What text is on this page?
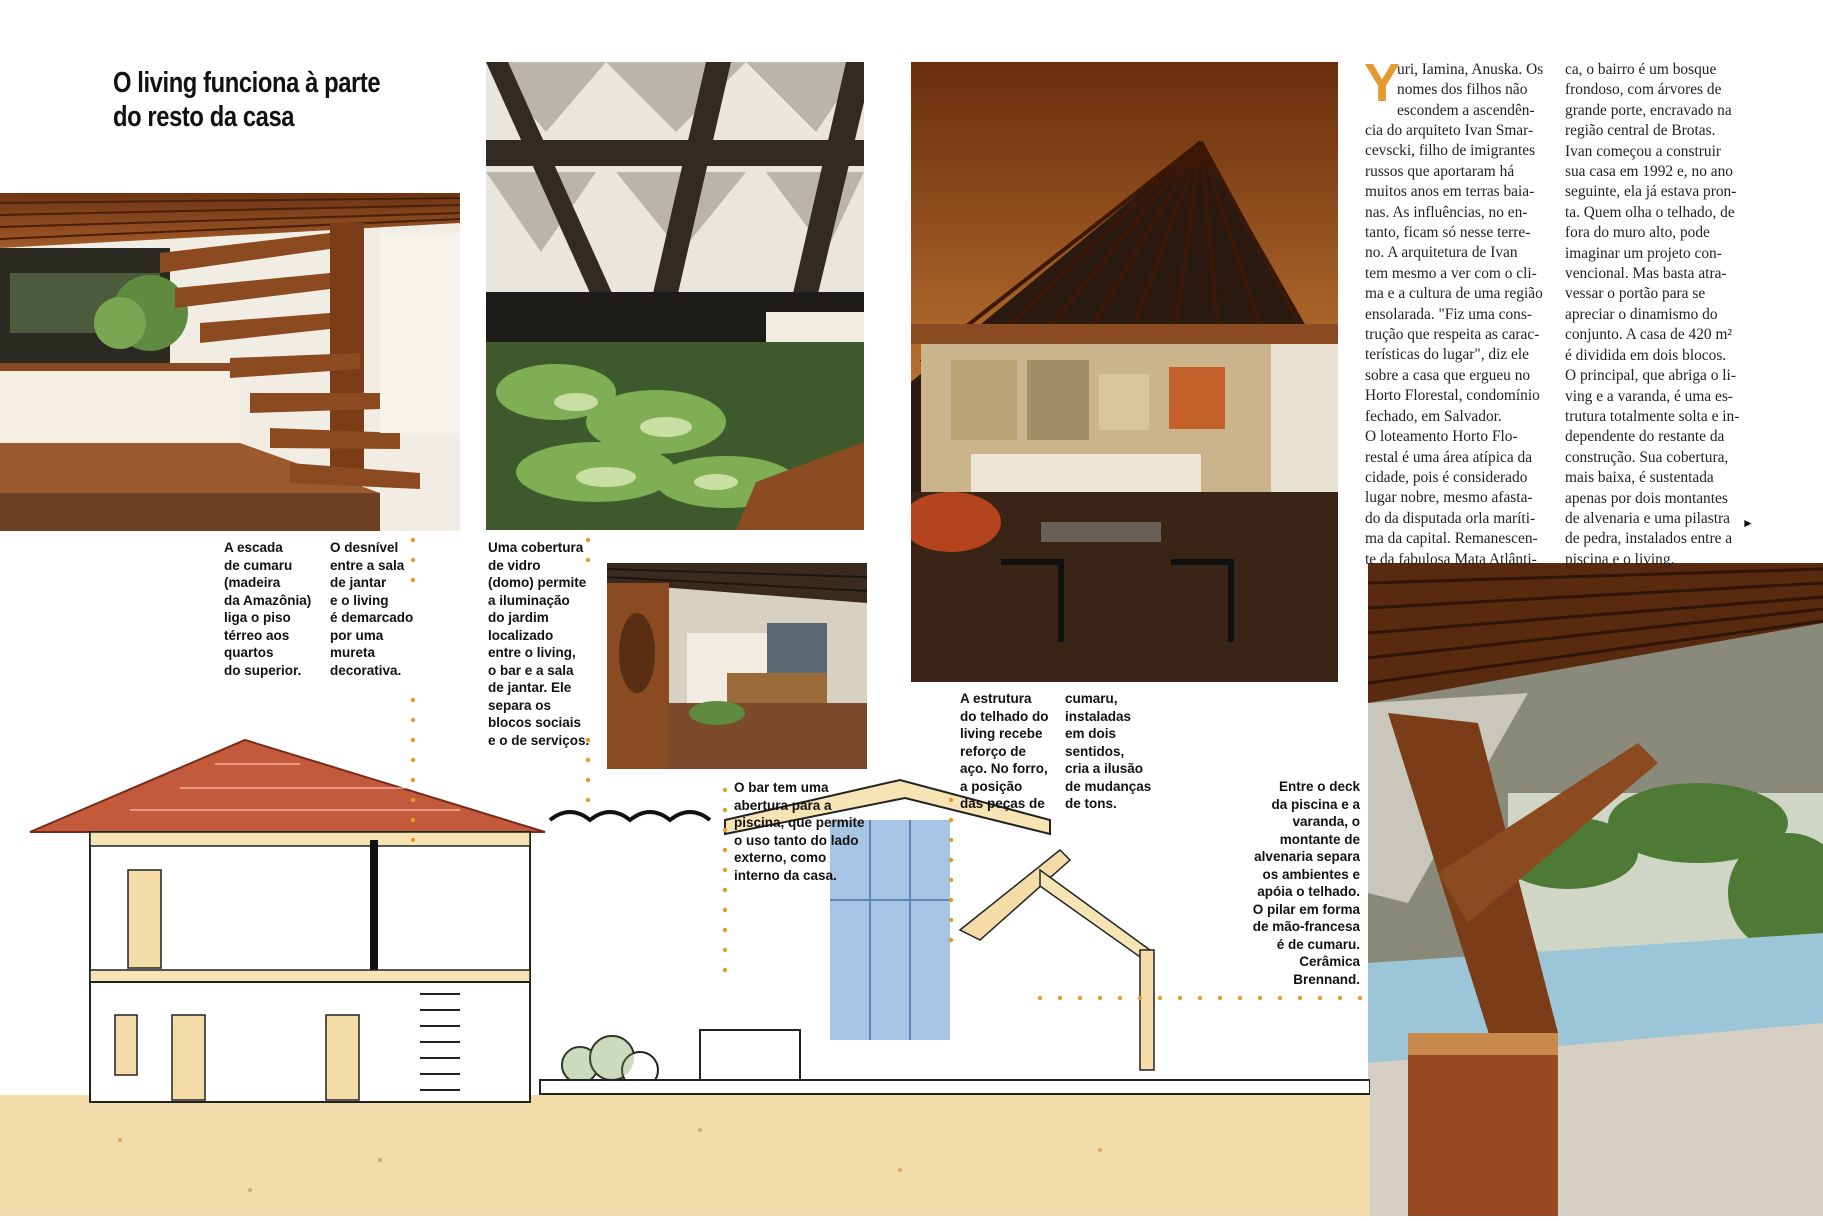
O living funciona à parte
do resto da casa
A escada
de cumaru
(madeira
da Amazônia)
liga o piso
térreo aos
quartos
do superior.
O desnível
entre a sala
de jantar
e o living
é demarcado
por uma
mureta
decorativa.
Uma cobertura
de vidro
(domo) permite
a iluminação
do jardim
localizado
entre o living,
o bar e a sala
de jantar. Ele
separa os
blocos sociais
e o de serviços.
O bar tem uma
abertura para a
piscina, que permite
o uso tanto do lado
externo, como
interno da casa.
A estrutura
do telhado do
living recebe
reforço de
aço. No forro,
a posição
das peças de
cumaru,
instaladas
em dois
sentidos,
cria a ilusão
de mudanças
de tons.
Entre o deck
da piscina e a
varanda, o
montante de
alvenaria separa
os ambientes e
apóia o telhado.
O pilar em forma
de mão-francesa
é de cumaru.
Cerâmica
Brennand.
Y
uri, Iamina, Anuska. Os
nomes dos filhos não
escondem a ascendên-
cia do arquiteto Ivan Smar-
cevscki, filho de imigrantes
russos que aportaram há
muitos anos em terras baia-
nas. As influências, no en-
tanto, ficam só nesse terre-
no. A arquitetura de Ivan
tem mesmo a ver com o cli-
ma e a cultura de uma região
ensolarada. "Fiz uma cons-
trução que respeita as carac-
terísticas do lugar", diz ele
sobre a casa que ergueu no
Horto Florestal, condomínio
fechado, em Salvador.
O loteamento Horto Flo-
restal é uma área atípica da
cidade, pois é considerado
lugar nobre, mesmo afasta-
do da disputada orla maríti-
ma da capital. Remanescen-
te da fabulosa Mata Atlânti-
ca, o bairro é um bosque
frondoso, com árvores de
grande porte, encravado na
região central de Brotas.
Ivan começou a construir
sua casa em 1992 e, no ano
seguinte, ela já estava pron-
ta. Quem olha o telhado, de
fora do muro alto, pode
imaginar um projeto con-
vencional. Mas basta atra-
vessar o portão para se
apreciar o dinamismo do
conjunto. A casa de 420 m²
é dividida em dois blocos.
O principal, que abriga o li-
ving e a varanda, é uma es-
trutura totalmente solta e in-
dependente do restante da
construção. Sua cobertura,
mais baixa, é sustentada
apenas por dois montantes
de alvenaria e uma pilastra
de pedra, instalados entre a
piscina e o living.
►
